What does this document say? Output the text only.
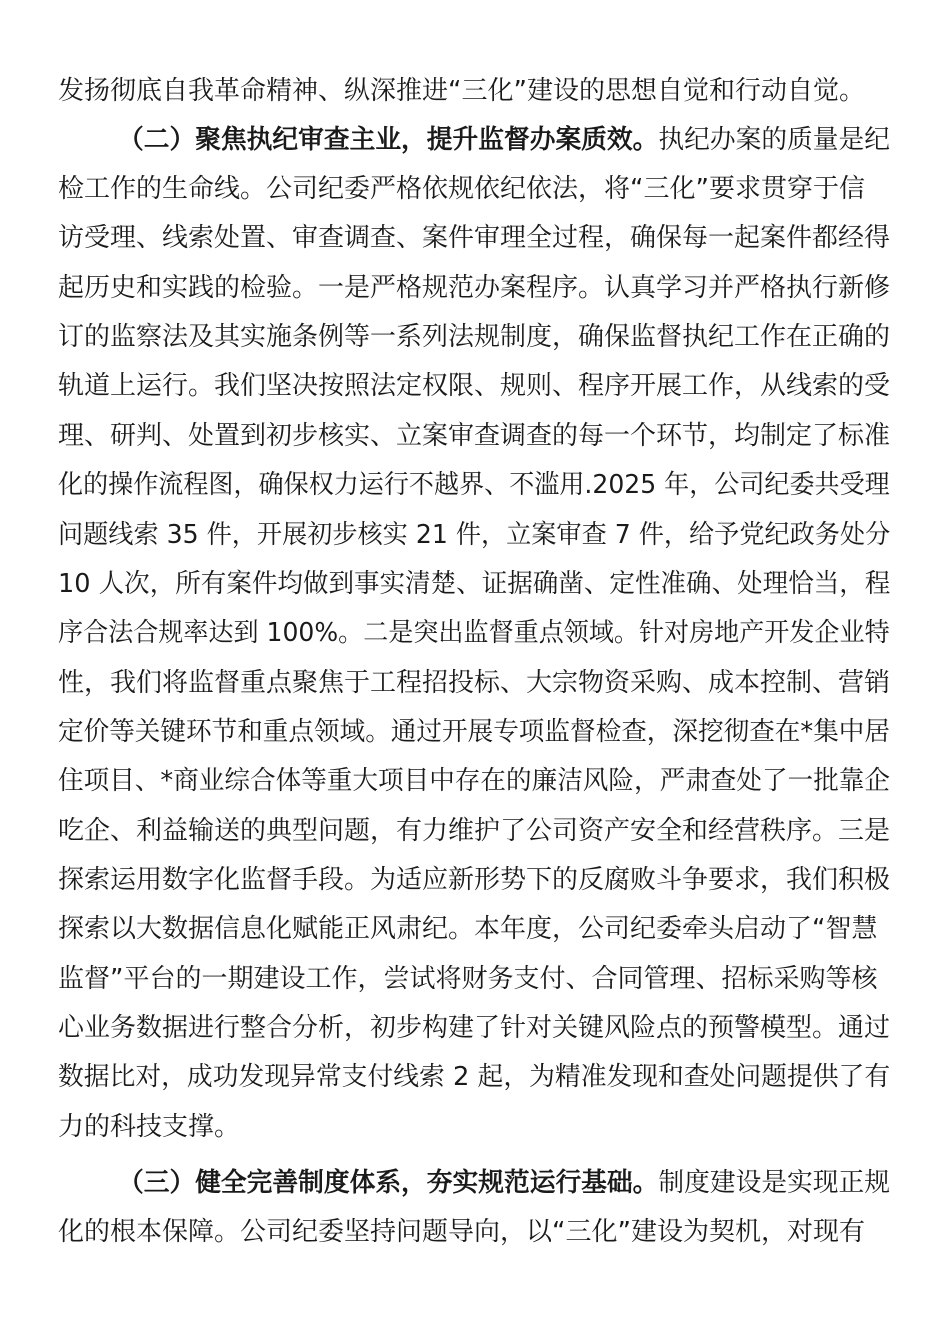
发扬彻底自我革命精神、纵深推进“三化”建设的思想自觉和行动自觉。
（二）聚焦执纪审查主业，提升监督办案质效。执纪办案的质量是纪
检工作的生命线。公司纪委严格依规依纪依法，将“三化”要求贯穿于信
访受理、线索处置、审查调查、案件审理全过程，确保每一起案件都经得
起历史和实践的检验。一是严格规范办案程序。认真学习并严格执行新修
订的监察法及其实施条例等一系列法规制度，确保监督执纪工作在正确的
轨道上运行。我们坚决按照法定权限、规则、程序开展工作，从线索的受
理、研判、处置到初步核实、立案审查调查的每一个环节，均制定了标准
化的操作流程图，确保权力运行不越界、不滥用.2025 年，公司纪委共受理
问题线索 35 件，开展初步核实 21 件，立案审查 7 件，给予党纪政务处分
10 人次，所有案件均做到事实清楚、证据确凿、定性准确、处理恰当，程
序合法合规率达到 100%。二是突出监督重点领域。针对房地产开发企业特
性，我们将监督重点聚焦于工程招投标、大宗物资采购、成本控制、营销
定价等关键环节和重点领域。通过开展专项监督检查，深挖彻查在*集中居
住项目、*商业综合体等重大项目中存在的廉洁风险，严肃查处了一批靠企
吃企、利益输送的典型问题，有力维护了公司资产安全和经营秩序。三是
探索运用数字化监督手段。为适应新形势下的反腐败斗争要求，我们积极
探索以大数据信息化赋能正风肃纪。本年度，公司纪委牵头启动了“智慧
监督”平台的一期建设工作，尝试将财务支付、合同管理、招标采购等核
心业务数据进行整合分析，初步构建了针对关键风险点的预警模型。通过
数据比对，成功发现异常支付线索 2 起，为精准发现和查处问题提供了有
力的科技支撑。
（三）健全完善制度体系，夯实规范运行基础。制度建设是实现正规
化的根本保障。公司纪委坚持问题导向，以“三化”建设为契机，对现有
